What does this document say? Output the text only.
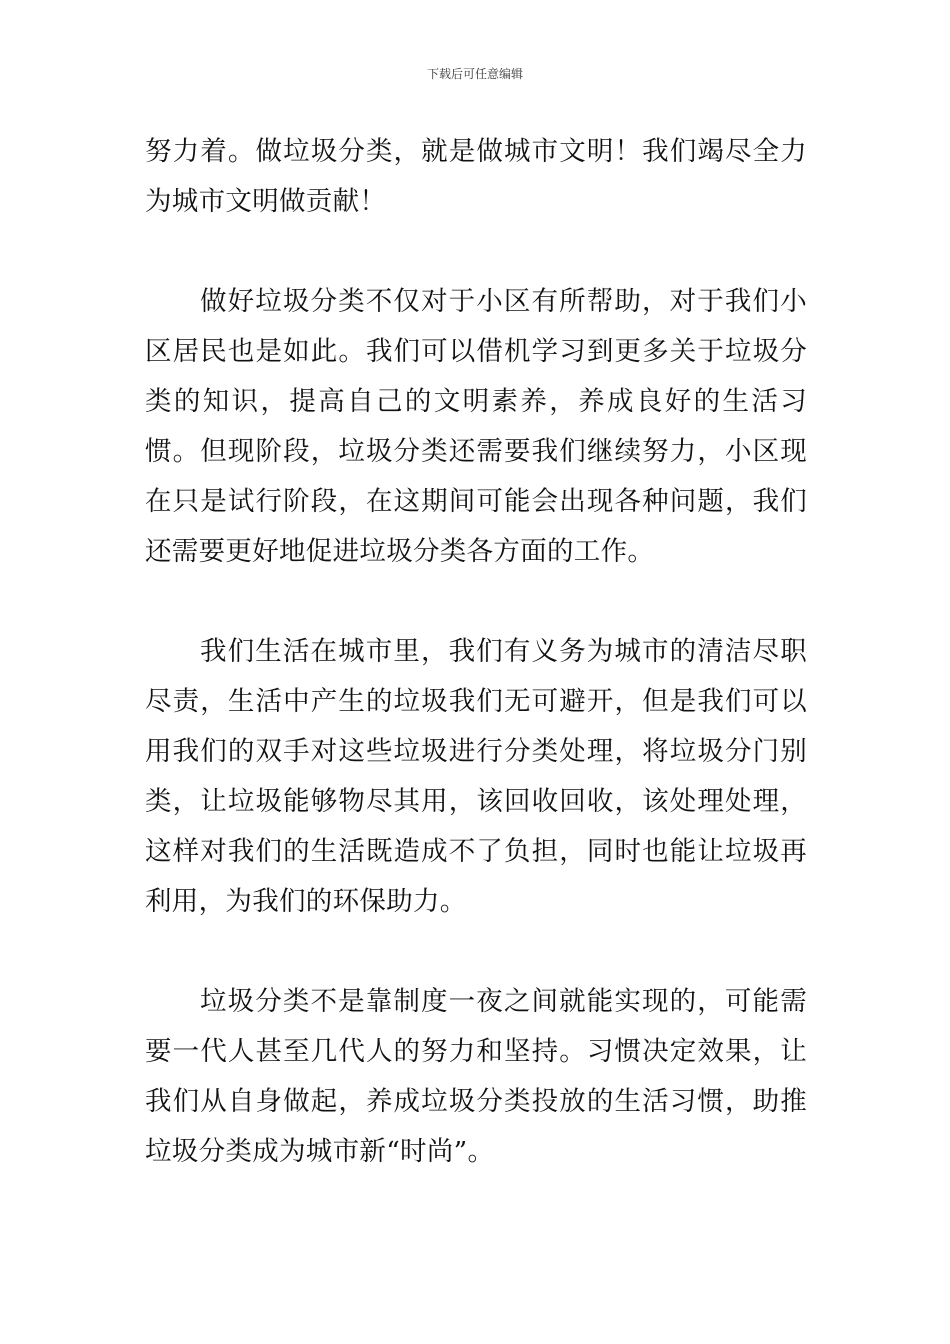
下载后可任意编辑

努力着。做垃圾分类，就是做城市文明！我们竭尽全力为城市文明做贡献！

做好垃圾分类不仅对于小区有所帮助，对于我们小区居民也是如此。我们可以借机学习到更多关于垃圾分类的知识，提高自己的文明素养，养成良好的生活习惯。但现阶段，垃圾分类还需要我们继续努力，小区现在只是试行阶段，在这期间可能会出现各种问题，我们还需要更好地促进垃圾分类各方面的工作。

我们生活在城市里，我们有义务为城市的清洁尽职尽责，生活中产生的垃圾我们无可避开，但是我们可以用我们的双手对这些垃圾进行分类处理，将垃圾分门别类，让垃圾能够物尽其用，该回收回收，该处理处理，这样对我们的生活既造成不了负担，同时也能让垃圾再利用，为我们的环保助力。

垃圾分类不是靠制度一夜之间就能实现的，可能需要一代人甚至几代人的努力和坚持。习惯决定效果，让我们从自身做起，养成垃圾分类投放的生活习惯，助推垃圾分类成为城市新“时尚”。
